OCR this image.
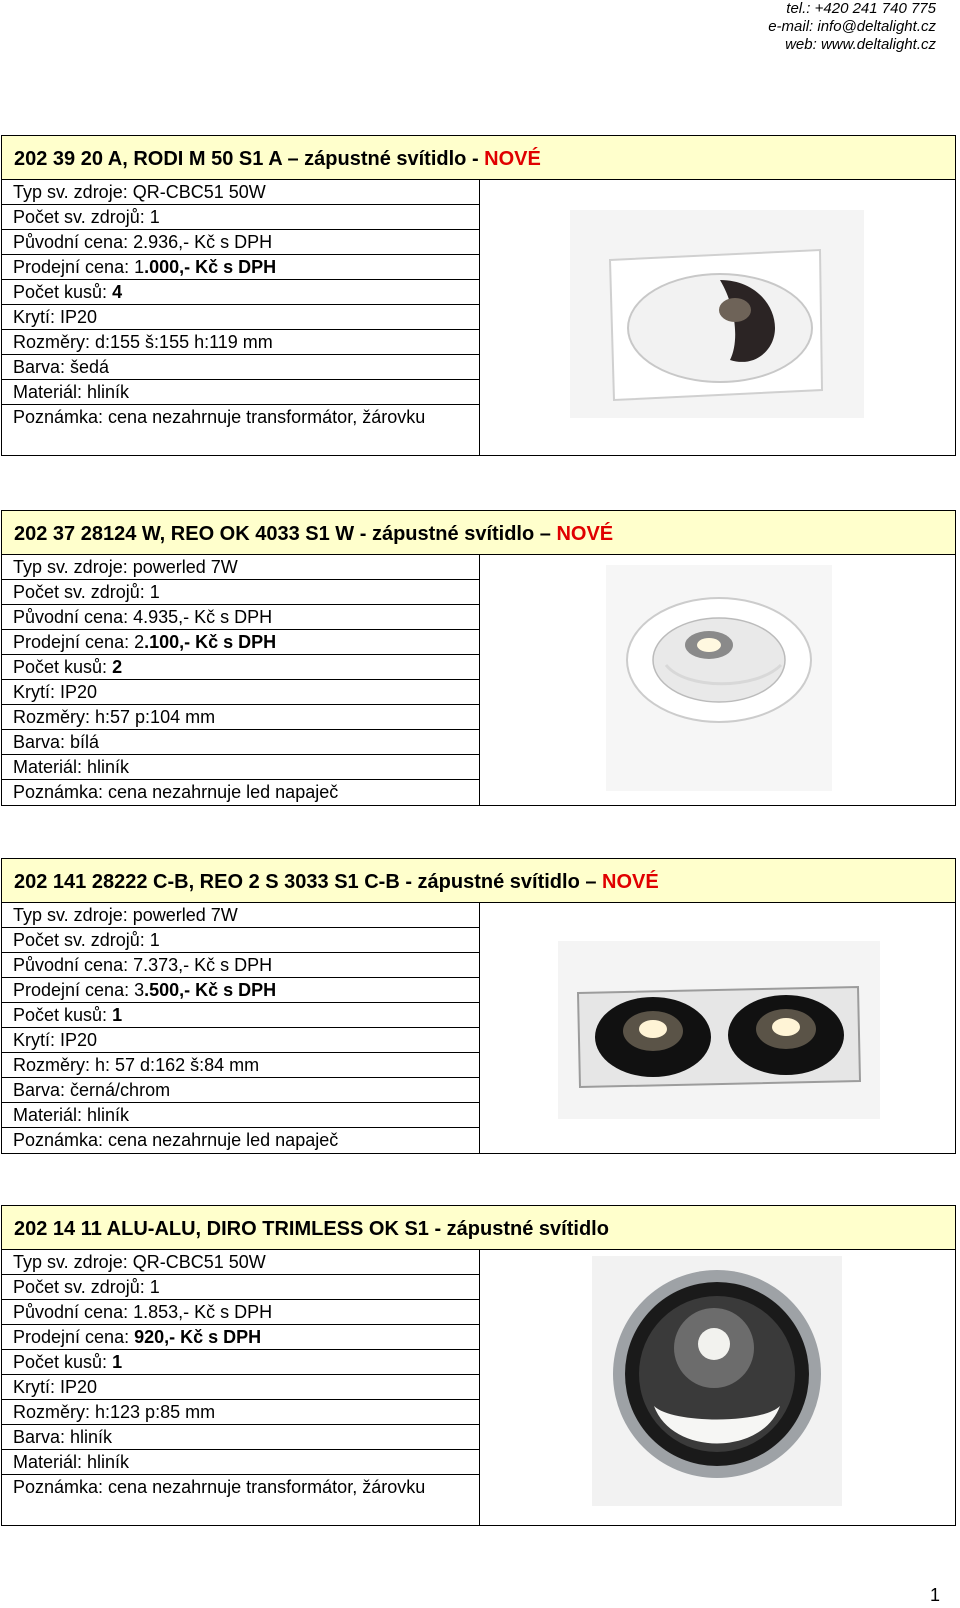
tel.: +420 241 740 775
e-mail: info@deltalight.cz
web: www.deltalight.cz
202 39 20 A, RODI M 50 S1 A – zápustné svítidlo - NOVÉ
Typ sv. zdroje: QR-CBC51 50W
Počet sv. zdrojů: 1
Původní cena: 2.936,- Kč s DPH
Prodejní cena: 1.000,- Kč s DPH
Počet kusů: 4
Krytí: IP20
Rozměry: d:155 š:155 h:119 mm
Barva: šedá
Materiál: hliník
Poznámka: cena nezahrnuje transformátor, žárovku
202 37 28124 W, REO OK 4033 S1 W - zápustné svítidlo – NOVÉ
Typ sv. zdroje: powerled 7W
Počet sv. zdrojů: 1
Původní cena: 4.935,- Kč s DPH
Prodejní cena: 2.100,- Kč s DPH
Počet kusů: 2
Krytí: IP20
Rozměry: h:57 p:104 mm
Barva: bílá
Materiál: hliník
Poznámka: cena nezahrnuje led napaječ
202 141 28222 C-B, REO 2 S 3033 S1 C-B - zápustné svítidlo – NOVÉ
Typ sv. zdroje: powerled 7W
Počet sv. zdrojů: 1
Původní cena: 7.373,- Kč s DPH
Prodejní cena: 3.500,- Kč s DPH
Počet kusů: 1
Krytí: IP20
Rozměry: h: 57 d:162 š:84 mm
Barva: černá/chrom
Materiál: hliník
Poznámka: cena nezahrnuje led napaječ
202 14 11 ALU-ALU, DIRO TRIMLESS OK S1 - zápustné svítidlo
Typ sv. zdroje: QR-CBC51 50W
Počet sv. zdrojů: 1
Původní cena: 1.853,- Kč s DPH
Prodejní cena: 920,- Kč s DPH
Počet kusů: 1
Krytí: IP20
Rozměry: h:123 p:85 mm
Barva: hliník
Materiál: hliník
Poznámka: cena nezahrnuje transformátor, žárovku
1
